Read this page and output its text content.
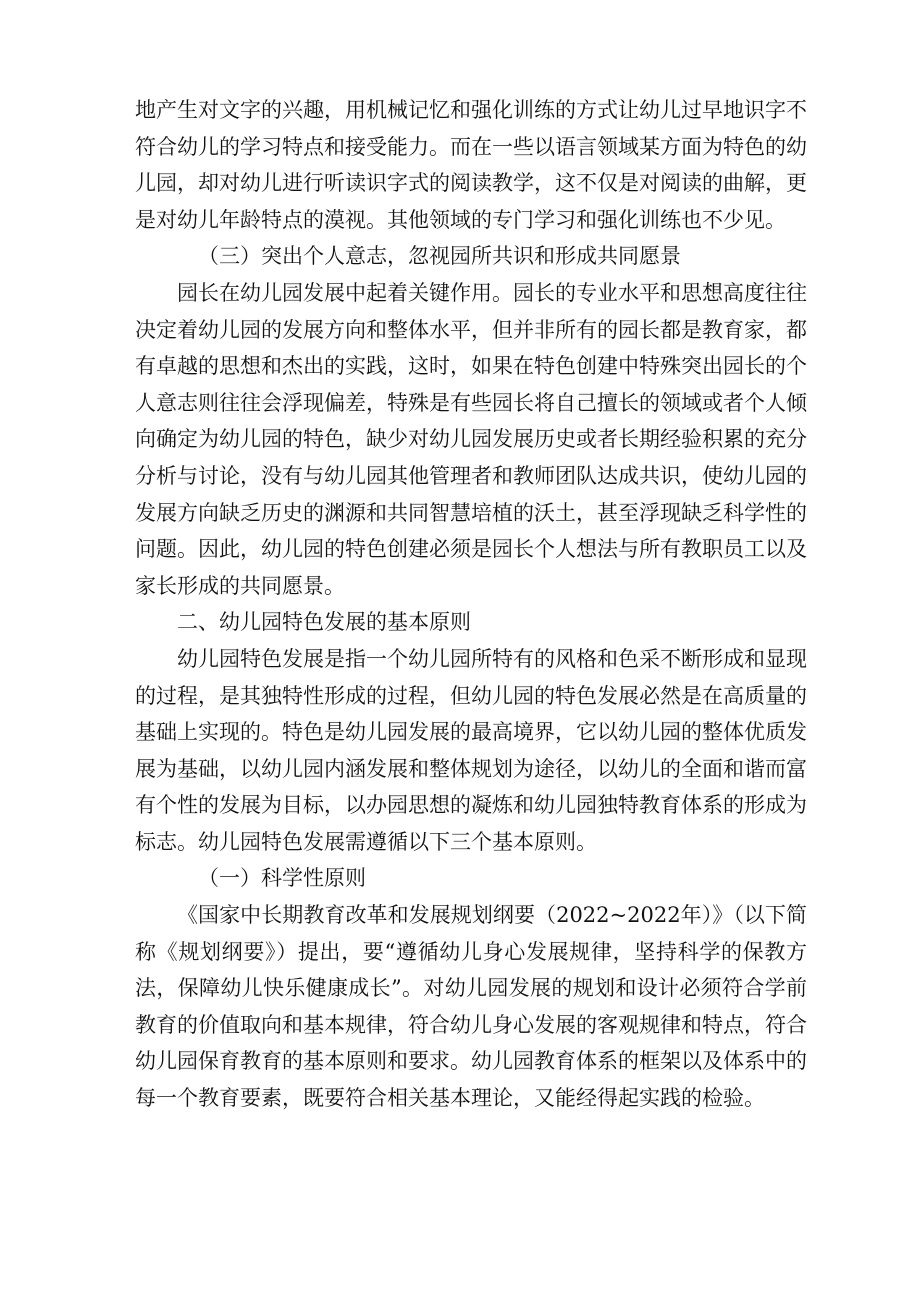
地产生对文字的兴趣，用机械记忆和强化训练的方式让幼儿过早地识字不符合幼儿的学习特点和接受能力。而在一些以语言领域某方面为特色的幼儿园，却对幼儿进行听读识字式的阅读教学，这不仅是对阅读的曲解，更是对幼儿年龄特点的漠视。其他领域的专门学习和强化训练也不少见。

（三）突出个人意志，忽视园所共识和形成共同愿景

园长在幼儿园发展中起着关键作用。园长的专业水平和思想高度往往决定着幼儿园的发展方向和整体水平，但并非所有的园长都是教育家，都有卓越的思想和杰出的实践，这时，如果在特色创建中特殊突出园长的个人意志则往往会浮现偏差，特殊是有些园长将自己擅长的领域或者个人倾向确定为幼儿园的特色，缺少对幼儿园发展历史或者长期经验积累的充分分析与讨论，没有与幼儿园其他管理者和教师团队达成共识，使幼儿园的发展方向缺乏历史的渊源和共同智慧培植的沃土，甚至浮现缺乏科学性的问题。因此，幼儿园的特色创建必须是园长个人想法与所有教职员工以及家长形成的共同愿景。

二、幼儿园特色发展的基本原则

幼儿园特色发展是指一个幼儿园所特有的风格和色采不断形成和显现的过程，是其独特性形成的过程，但幼儿园的特色发展必然是在高质量的基础上实现的。特色是幼儿园发展的最高境界，它以幼儿园的整体优质发展为基础，以幼儿园内涵发展和整体规划为途径，以幼儿的全面和谐而富有个性的发展为目标，以办园思想的凝炼和幼儿园独特教育体系的形成为标志。幼儿园特色发展需遵循以下三个基本原则。

（一）科学性原则

《国家中长期教育改革和发展规划纲要（2022~2022年）》（以下简称《规划纲要》）提出，要“遵循幼儿身心发展规律，坚持科学的保教方法，保障幼儿快乐健康成长”。对幼儿园发展的规划和设计必须符合学前教育的价值取向和基本规律，符合幼儿身心发展的客观规律和特点，符合幼儿园保育教育的基本原则和要求。幼儿园教育体系的框架以及体系中的每一个教育要素，既要符合相关基本理论，又能经得起实践的检验。
